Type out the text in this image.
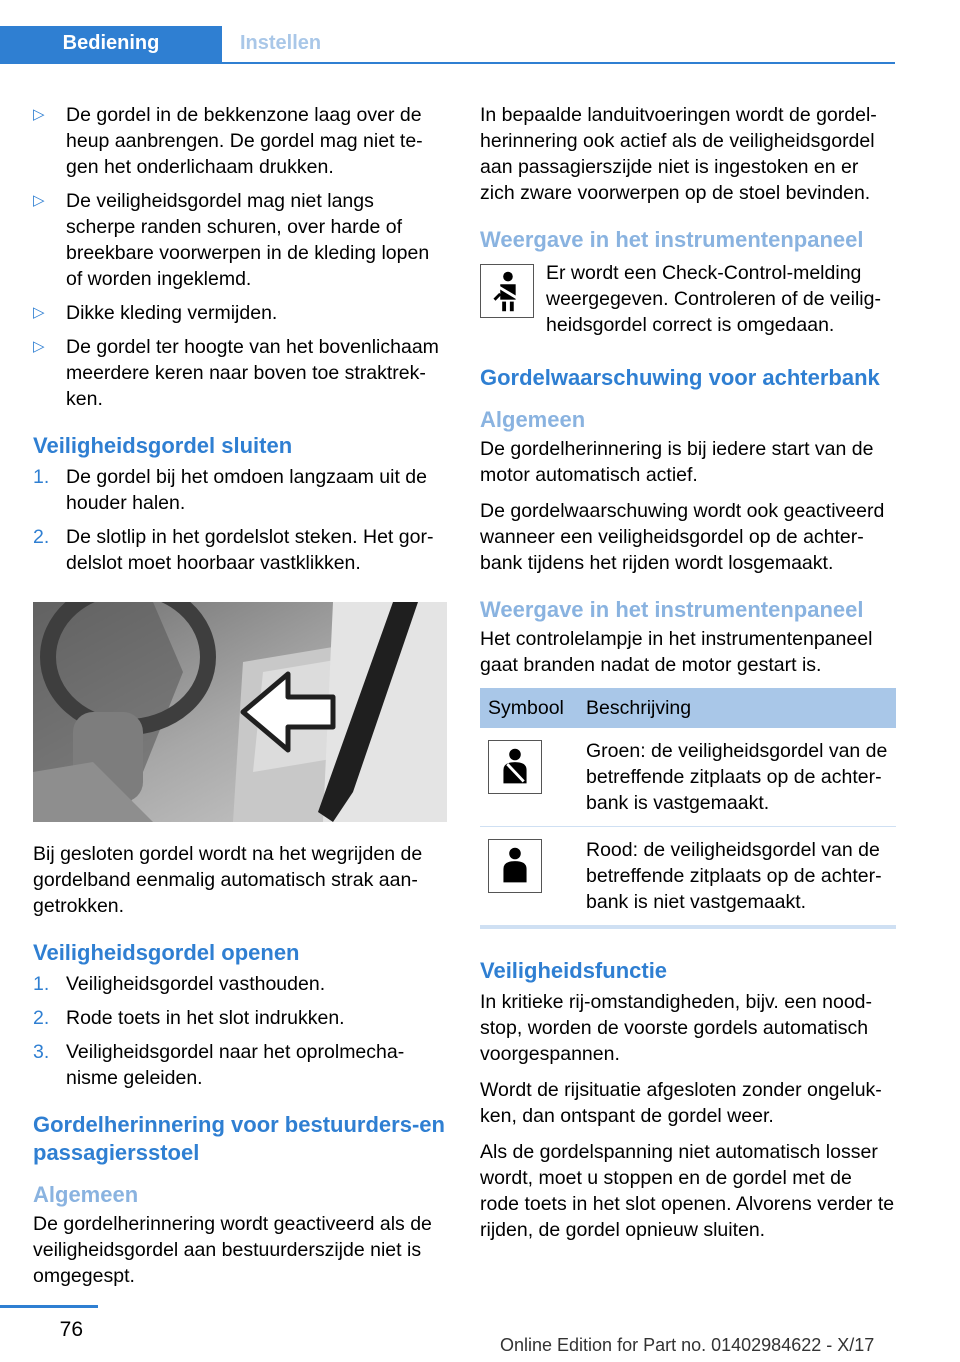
Bediening	Instellen
▷ De gordel in de bekkenzone laag over de heup aanbrengen. De gordel mag niet te-gen het onderlichaam drukken.
▷ De veiligheidsgordel mag niet langs scherpe randen schuren, over harde of breekbare voorwerpen in de kleding lopen of worden ingeklemd.
▷ Dikke kleding vermijden.
▷ De gordel ter hoogte van het bovenlichaam meerdere keren naar boven toe straktrek-ken.
Veiligheidsgordel sluiten
1. De gordel bij het omdoen langzaam uit de houder halen.
2. De slotlip in het gordelslot steken. Het gor-delslot moet hoorbaar vastklikken.

Bij gesloten gordel wordt na het wegrijden de gordelband eenmalig automatisch strak aan-getrokken.

Veiligheidsgordel openen
1. Veiligheidsgordel vasthouden.
2. Rode toets in het slot indrukken.
3. Veiligheidsgordel naar het oprolmecha-nisme geleiden.
Gordelherinnering voor bestuurders-en passagiersstoel
Algemeen

De gordelherinnering wordt geactiveerd als de veiligheidsgordel aan bestuurderszijde niet is omgegespt.

In bepaalde landuitvoeringen wordt de gordel-herinnering ook actief als de veiligheidsgordel aan passagierszijde niet is ingestoken en er zich zware voorwerpen op de stoel bevinden.

Weergave in het instrumentenpaneel

Er wordt een Check-Control-melding weergegeven. Controleren of de veilig-heidsgordel correct is omgedaan.

Gordelwaarschuwing voor achterbank
Algemeen

De gordelherinnering is bij iedere start van de motor automatisch actief.

De gordelwaarschuwing wordt ook geactiveerd wanneer een veiligheidsgordel op de achter-bank tijdens het rijden wordt losgemaakt.

Weergave in het instrumentenpaneel

Het controlelampje in het instrumentenpaneel gaat branden nadat de motor gestart is.

Symbool	Beschrijving
	Groen: de veiligheidsgordel van de betreffende zitplaats op de achter-bank is vastgemaakt.
	Rood: de veiligheidsgordel van de betreffende zitplaats op de achter-bank is niet vastgemaakt.
Veiligheidsfunctie

In kritieke rij-omstandigheden, bijv. een nood-stop, worden de voorste gordels automatisch voorgespannen.

Wordt de rijsituatie afgesloten zonder ongeluk-ken, dan ontspant de gordel weer.

Als de gordelspanning niet automatisch losser wordt, moet u stoppen en de gordel met de rode toets in het slot openen. Alvorens verder te rijden, de gordel opnieuw sluiten.

76
Online Edition for Part no. 01402984622 - X/17
